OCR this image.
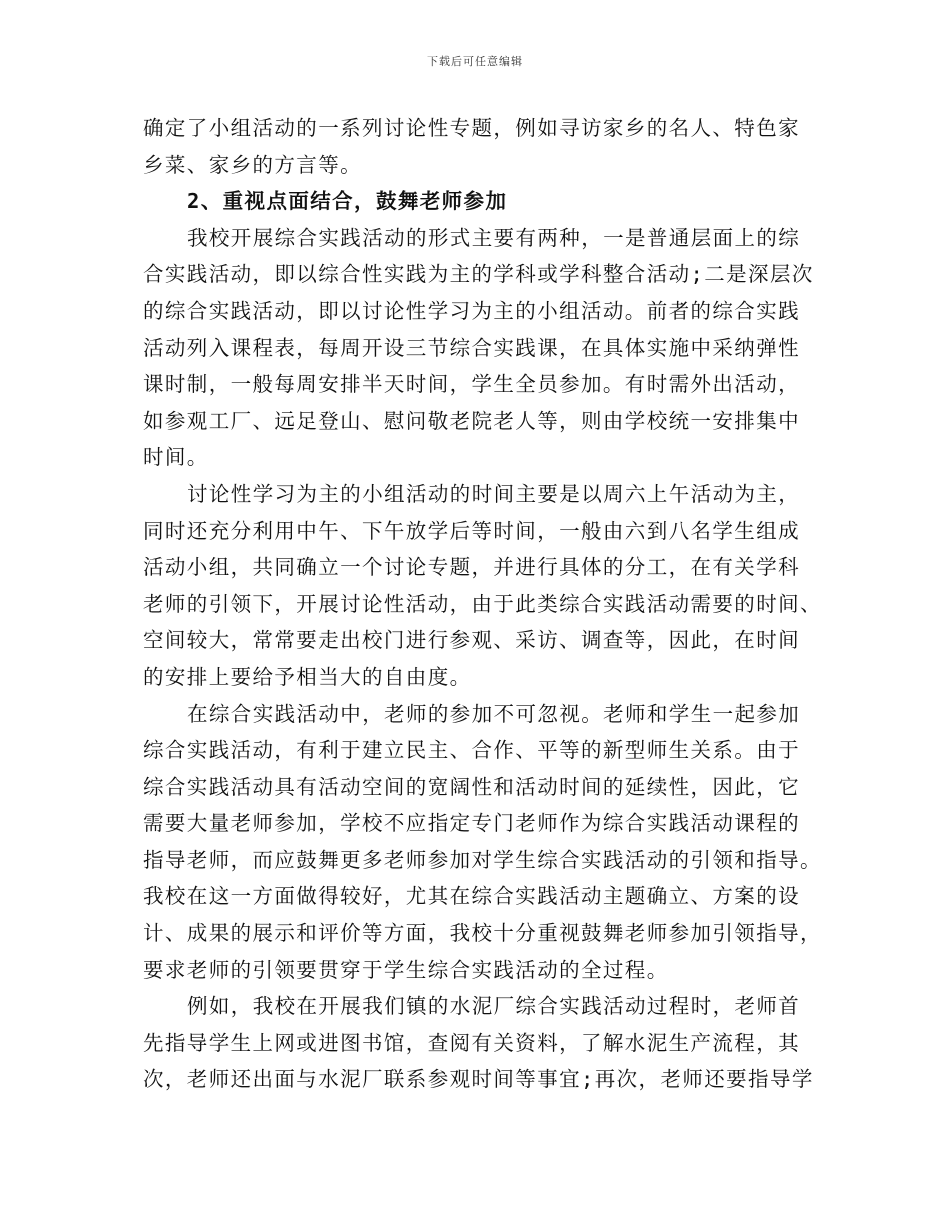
下载后可任意编辑
确定了小组活动的一系列讨论性专题，例如寻访家乡的名人、特色家
乡菜、家乡的方言等。
2、重视点面结合，鼓舞老师参加
我校开展综合实践活动的形式主要有两种，一是普通层面上的综
合实践活动，即以综合性实践为主的学科或学科整合活动;二是深层次
的综合实践活动，即以讨论性学习为主的小组活动。前者的综合实践
活动列入课程表，每周开设三节综合实践课，在具体实施中采纳弹性
课时制，一般每周安排半天时间，学生全员参加。有时需外出活动，
如参观工厂、远足登山、慰问敬老院老人等，则由学校统一安排集中
时间。
讨论性学习为主的小组活动的时间主要是以周六上午活动为主，
同时还充分利用中午、下午放学后等时间，一般由六到八名学生组成
活动小组，共同确立一个讨论专题，并进行具体的分工，在有关学科
老师的引领下，开展讨论性活动，由于此类综合实践活动需要的时间、
空间较大，常常要走出校门进行参观、采访、调查等，因此，在时间
的安排上要给予相当大的自由度。
在综合实践活动中，老师的参加不可忽视。老师和学生一起参加
综合实践活动，有利于建立民主、合作、平等的新型师生关系。由于
综合实践活动具有活动空间的宽阔性和活动时间的延续性，因此，它
需要大量老师参加，学校不应指定专门老师作为综合实践活动课程的
指导老师，而应鼓舞更多老师参加对学生综合实践活动的引领和指导。
我校在这一方面做得较好，尤其在综合实践活动主题确立、方案的设
计、成果的展示和评价等方面，我校十分重视鼓舞老师参加引领指导，
要求老师的引领要贯穿于学生综合实践活动的全过程。
例如，我校在开展我们镇的水泥厂综合实践活动过程时，老师首
先指导学生上网或进图书馆，查阅有关资料，了解水泥生产流程，其
次，老师还出面与水泥厂联系参观时间等事宜;再次，老师还要指导学
